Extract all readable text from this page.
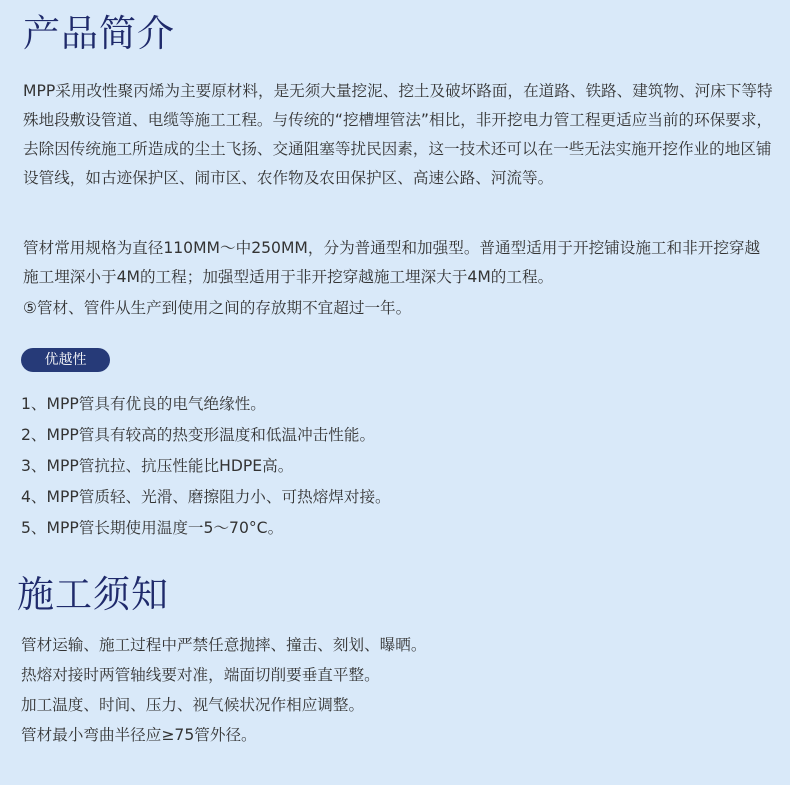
产品简介

MPP采用改性聚丙烯为主要原材料，是无须大量挖泥、挖土及破坏路面，在道路、铁路、建筑物、河床下等特殊地段敷设管道、电缆等施工工程。与传统的“挖槽埋管法”相比，非开挖电力管工程更适应当前的环保要求，去除因传统施工所造成的尘土飞扬、交通阻塞等扰民因素，这一技术还可以在一些无法实施开挖作业的地区铺设管线，如古迹保护区、闹市区、农作物及农田保护区、高速公路、河流等。

管材常用规格为直径110MM～中250MM，分为普通型和加强型。普通型适用于开挖铺设施工和非开挖穿越施工埋深小于4M的工程；加强型适用于非开挖穿越施工埋深大于4M的工程。

⑤管材、管件从生产到使用之间的存放期不宜超过一年。

优越性
1、MPP管具有优良的电气绝缘性。
2、MPP管具有较高的热变形温度和低温冲击性能。
3、MPP管抗拉、抗压性能比HDPE高。
4、MPP管质轻、光滑、磨擦阻力小、可热熔焊对接。
5、MPP管长期使用温度一5～70°C。
施工须知
管材运输、施工过程中严禁任意抛摔、撞击、刻划、曝晒。
热熔对接时两管轴线要对准，端面切削要垂直平整。
加工温度、时间、压力、视气候状况作相应调整。
管材最小弯曲半径应≥75管外径。
